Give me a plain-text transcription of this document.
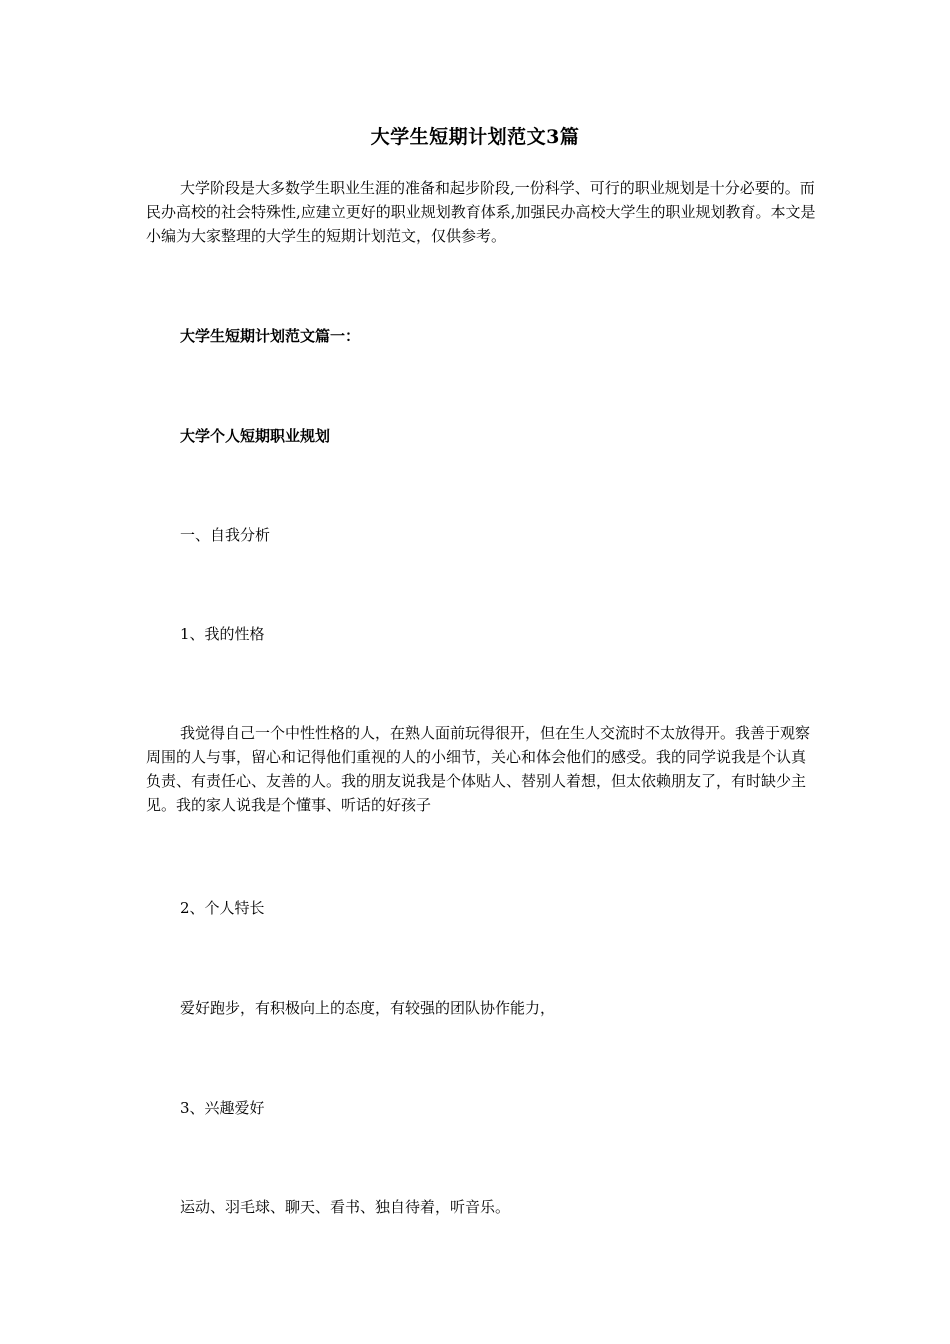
大学生短期计划范文3篇

大学阶段是大多数学生职业生涯的准备和起步阶段,一份科学、可行的职业规划是十分必要的。而民办高校的社会特殊性,应建立更好的职业规划教育体系,加强民办高校大学生的职业规划教育。本文是小编为大家整理的大学生的短期计划范文，仅供参考。

大学生短期计划范文篇一：
大学个人短期职业规划
一、自我分析
1、我的性格

我觉得自己一个中性性格的人，在熟人面前玩得很开，但在生人交流时不太放得开。我善于观察周围的人与事，留心和记得他们重视的人的小细节，关心和体会他们的感受。我的同学说我是个认真负责、有责任心、友善的人。我的朋友说我是个体贴人、替别人着想，但太依赖朋友了，有时缺少主见。我的家人说我是个懂事、听话的好孩子

2、个人特长
爱好跑步，有积极向上的态度，有较强的团队协作能力，
3、兴趣爱好
运动、羽毛球、聊天、看书、独自待着，听音乐。
